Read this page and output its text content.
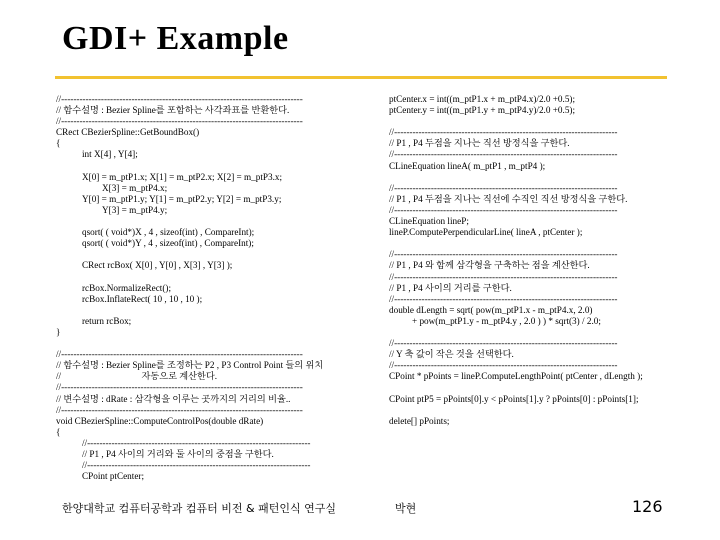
GDI+ Example
//-------------------------------------------------------------------------------
// 함수설명 : Bezier Spline를 포함하는 사각좌표를 반환한다.
//-------------------------------------------------------------------------------
CRect CBezierSpline::GetBoundBox()
{
int X[4] , Y[4];
X[0] = m_ptP1.x; X[1] = m_ptP2.x; X[2] = m_ptP3.x;
X[3] = m_ptP4.x;
Y[0] = m_ptP1.y; Y[1] = m_ptP2.y; Y[2] = m_ptP3.y;
Y[3] = m_ptP4.y;
qsort( ( void*)X , 4 , sizeof(int) , CompareInt);
qsort( ( void*)Y , 4 , sizeof(int) , CompareInt);
CRect rcBox( X[0] , Y[0] , X[3] , Y[3] );
rcBox.NormalizeRect();
rcBox.InflateRect( 10 , 10 , 10 );
return rcBox;
}
//-------------------------------------------------------------------------------
// 함수설명 : Bezier Spline를 조정하는 P2 , P3 Control Point 들의 위치
//                                   자동으로 계산한다.
//-------------------------------------------------------------------------------
// 변수설명 : dRate : 삼각형을 이루는 곳까지의 거리의 비율..
//-------------------------------------------------------------------------------
void CBezierSpline::ComputeControlPos(double dRate)
{
//-------------------------------------------------------------------------
// P1 , P4 사이의 거리와 둘 사이의 중점을 구한다.
//-------------------------------------------------------------------------
CPoint ptCenter;
ptCenter.x = int((m_ptP1.x + m_ptP4.x)/2.0 +0.5);
ptCenter.y = int((m_ptP1.y + m_ptP4.y)/2.0 +0.5);
//-------------------------------------------------------------------------
// P1 , P4 두점을 지나는 직선 방정식을 구한다.
//-------------------------------------------------------------------------
CLineEquation lineA( m_ptP1 , m_ptP4 );
//-------------------------------------------------------------------------
// P1 , P4 두점을 지나는 직선에 수직인 직선 방정식을 구한다.
//-------------------------------------------------------------------------
CLineEquation lineP;
lineP.ComputePerpendicularLine( lineA , ptCenter );
//-------------------------------------------------------------------------
// P1 , P4 와 함께 삼각형을 구축하는 점을 계산한다.
//-------------------------------------------------------------------------
// P1 , P4 사이의 거리를 구한다.
//-------------------------------------------------------------------------
double dLength = sqrt( pow(m_ptP1.x - m_ptP4.x, 2.0)
+ pow(m_ptP1.y - m_ptP4.y , 2.0 ) ) * sqrt(3) / 2.0;
//-------------------------------------------------------------------------
// Y 축 값이 작은 것을 선택한다.
//-------------------------------------------------------------------------
CPoint * pPoints = lineP.ComputeLengthPoint( ptCenter , dLength );
CPoint ptP5 = pPoints[0].y < pPoints[1].y ? pPoints[0] : pPoints[1];
delete[] pPoints;
한양대학교 컴퓨터공학과 컴퓨터 비전 & 패턴인식 연구실	박현	126
